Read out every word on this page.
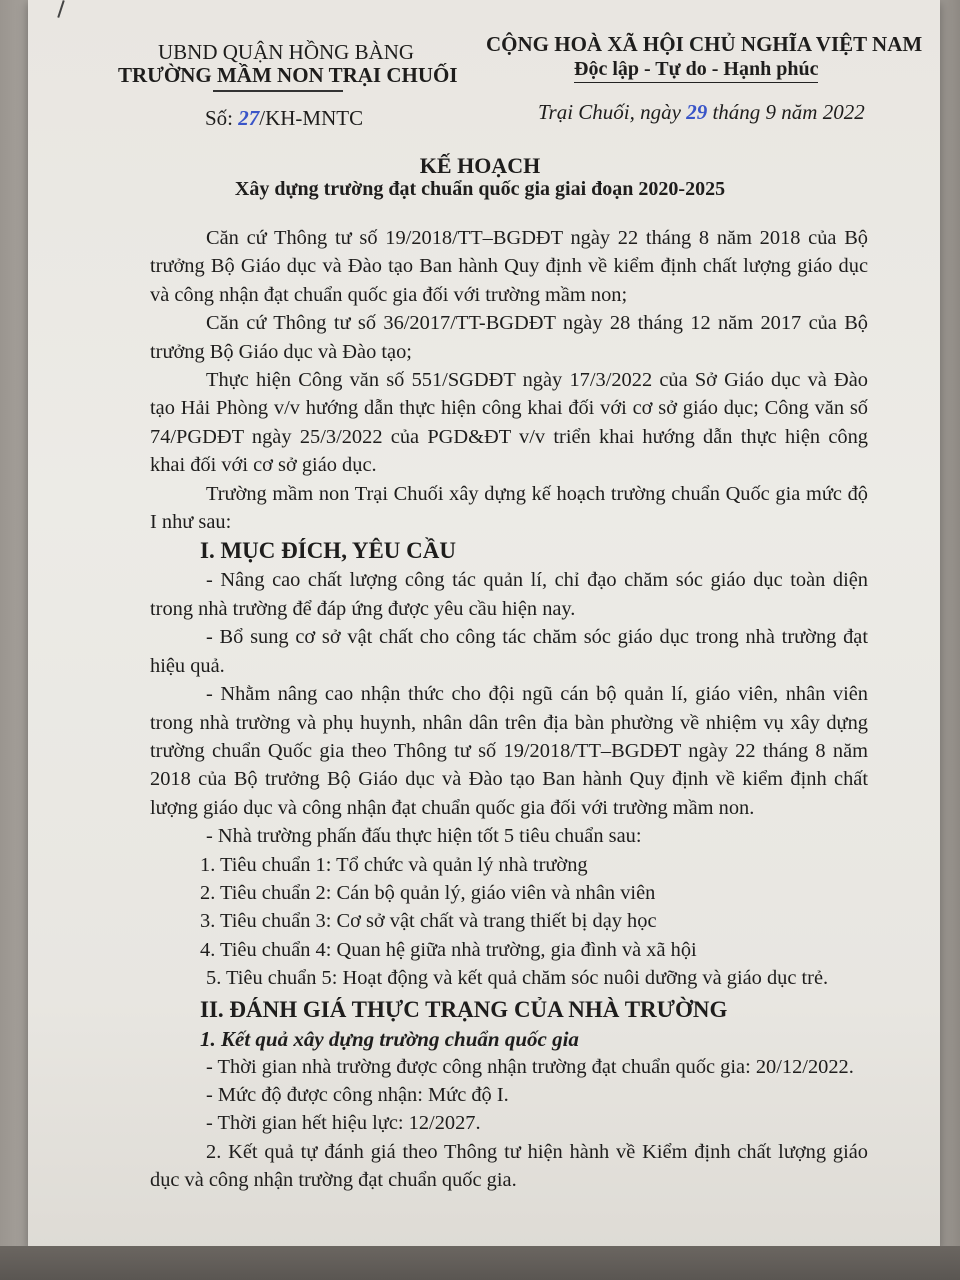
UBND QUẬN HỒNG BÀNG
TRƯỜNG MẦM NON TRẠI CHUỐI
CỘNG HOÀ XÃ HỘI CHỦ NGHĨA VIỆT NAM
Độc lập - Tự do - Hạnh phúc
Số: 27/KH-MNTC	Trại Chuối, ngày 29 tháng 9 năm 2022
KẾ HOẠCH
Xây dựng trường đạt chuẩn quốc gia giai đoạn 2020-2025

Căn cứ Thông tư số 19/2018/TT–BGDĐT ngày 22 tháng 8 năm 2018 của Bộ trưởng Bộ Giáo dục và Đào tạo Ban hành Quy định về kiểm định chất lượng giáo dục và công nhận đạt chuẩn quốc gia đối với trường mầm non;

Căn cứ Thông tư số 36/2017/TT-BGDĐT ngày 28 tháng 12 năm 2017 của Bộ trưởng Bộ Giáo dục và Đào tạo;

Thực hiện Công văn số 551/SGDĐT ngày 17/3/2022 của Sở Giáo dục và Đào tạo Hải Phòng v/v hướng dẫn thực hiện công khai đối với cơ sở giáo dục; Công văn số 74/PGDĐT ngày 25/3/2022 của PGD&ĐT v/v triển khai hướng dẫn thực hiện công khai đối với cơ sở giáo dục.

Trường mầm non Trại Chuối xây dựng kế hoạch trường chuẩn Quốc gia mức độ I như sau:

I. MỤC ĐÍCH, YÊU CẦU

- Nâng cao chất lượng công tác quản lí, chỉ đạo chăm sóc giáo dục toàn diện trong nhà trường để đáp ứng được yêu cầu hiện nay.

- Bổ sung cơ sở vật chất cho công tác chăm sóc giáo dục trong nhà trường đạt hiệu quả.

- Nhằm nâng cao nhận thức cho đội ngũ cán bộ quản lí, giáo viên, nhân viên trong nhà trường và phụ huynh, nhân dân trên địa bàn phường về nhiệm vụ xây dựng trường chuẩn Quốc gia theo Thông tư số 19/2018/TT–BGDĐT ngày 22 tháng 8 năm 2018 của Bộ trưởng Bộ Giáo dục và Đào tạo Ban hành Quy định về kiểm định chất lượng giáo dục và công nhận đạt chuẩn quốc gia đối với trường mầm non.

- Nhà trường phấn đấu thực hiện tốt 5 tiêu chuẩn sau:

1. Tiêu chuẩn 1: Tổ chức và quản lý nhà trường

2. Tiêu chuẩn 2: Cán bộ quản lý, giáo viên và nhân viên

3. Tiêu chuẩn 3: Cơ sở vật chất và trang thiết bị dạy học

4. Tiêu chuẩn 4: Quan hệ giữa nhà trường, gia đình và xã hội

5. Tiêu chuẩn 5: Hoạt động và kết quả chăm sóc nuôi dưỡng và giáo dục trẻ.

II. ĐÁNH GIÁ THỰC TRẠNG CỦA NHÀ TRƯỜNG

1. Kết quả xây dựng trường chuẩn quốc gia

- Thời gian nhà trường được công nhận trường đạt chuẩn quốc gia: 20/12/2022.

- Mức độ được công nhận: Mức độ I.

- Thời gian hết hiệu lực: 12/2027.

2. Kết quả tự đánh giá theo Thông tư hiện hành về Kiểm định chất lượng giáo dục và công nhận trường đạt chuẩn quốc gia.
